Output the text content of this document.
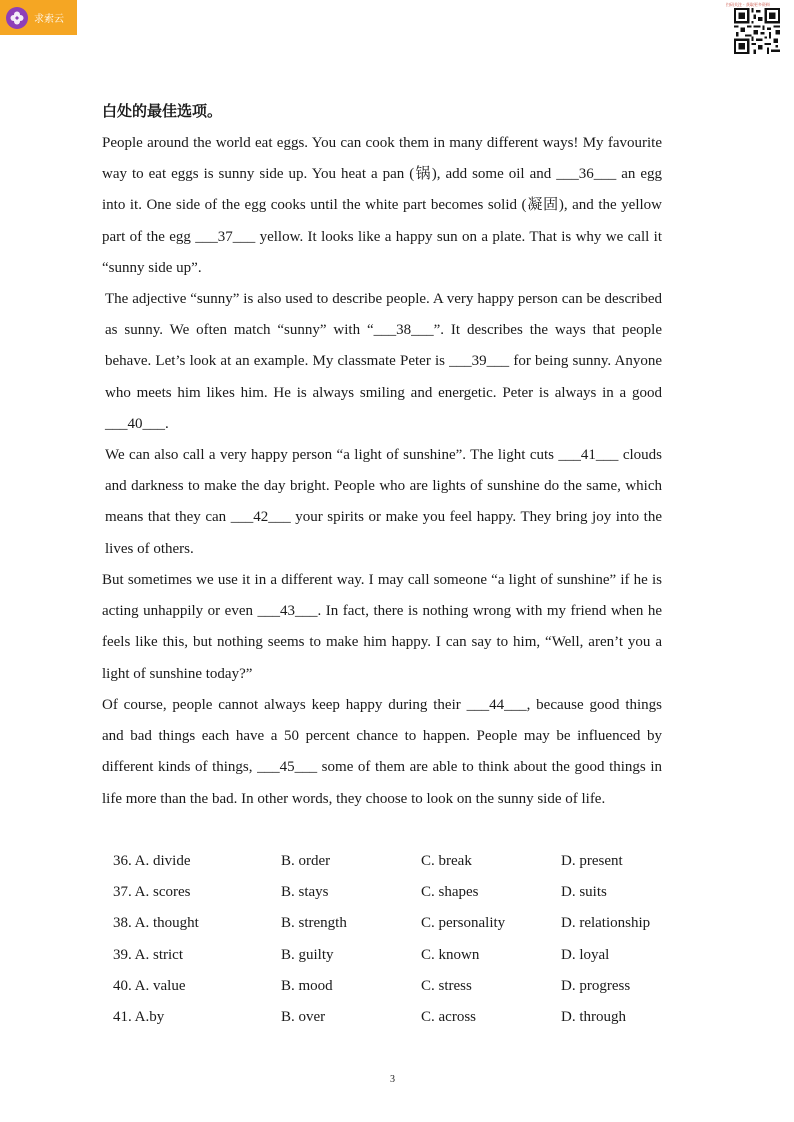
求索云
扫码关注 · 获取更多资料
白处的最佳选项。

People around the world eat eggs. You can cook them in many different ways! My favourite way to eat eggs is sunny side up. You heat a pan (锅), add some oil and ___36___ an egg into it. One side of the egg cooks until the white part becomes solid (凝固), and the yellow part of the egg ___37___ yellow. It looks like a happy sun on a plate. That is why we call it “sunny side up”.

The adjective “sunny” is also used to describe people. A very happy person can be described as sunny. We often match “sunny” with “___38___”. It describes the ways that people behave. Let’s look at an example. My classmate Peter is ___39___ for being sunny. Anyone who meets him likes him. He is always smiling and energetic. Peter is always in a good ___40___.

We can also call a very happy person “a light of sunshine”. The light cuts ___41___ clouds and darkness to make the day bright. People who are lights of sunshine do the same, which means that they can ___42___ your spirits or make you feel happy. They bring joy into the lives of others.

But sometimes we use it in a different way. I may call someone “a light of sunshine” if he is acting unhappily or even ___43___. In fact, there is nothing wrong with my friend when he feels like this, but nothing seems to make him happy. I can say to him, “Well, aren’t you a light of sunshine today?”

Of course, people cannot always keep happy during their ___44___, because good things and bad things each have a 50 percent chance to happen. People may be influenced by different kinds of things, ___45___ some of them are able to think about the good things in life more than the bad. In other words, they choose to look on the sunny side of life.

36. A. divide	B. order	C. break	D. present
37. A. scores	B. stays	C. shapes	D. suits
38. A. thought	B. strength	C. personality	D. relationship
39. A. strict	B. guilty	C. known	D. loyal
40. A. value	B. mood	C. stress	D. progress
41. A.by	B. over	C. across	D. through
3
